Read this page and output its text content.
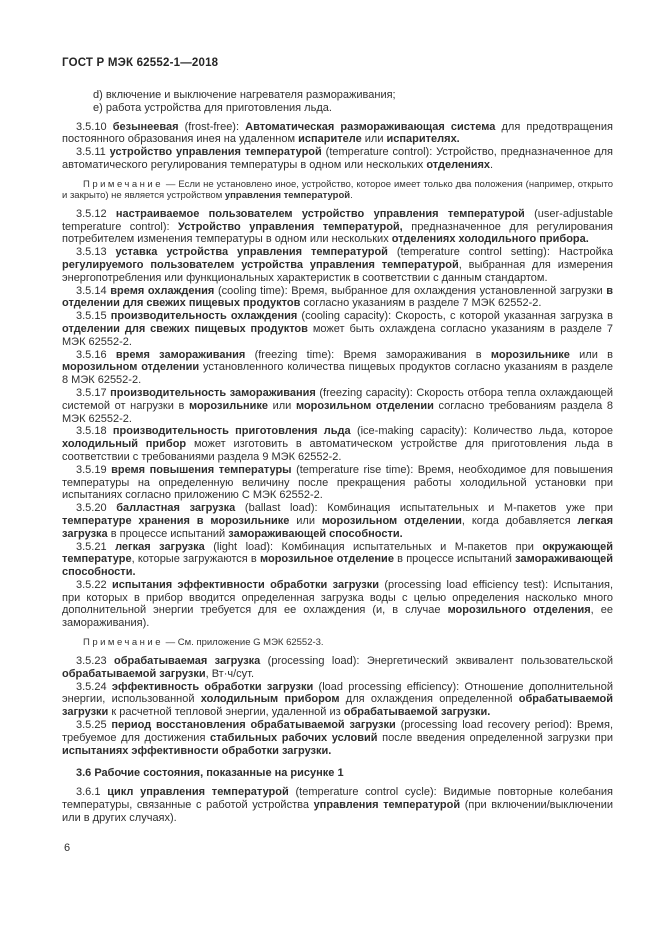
ГОСТ Р МЭК 62552-1—2018

d) включение и выключение нагревателя размораживания;

е) работа устройства для приготовления льда.

3.5.10 безынеевая (frost-free): Автоматическая размораживающая система для предотвращения постоянного образования инея на удаленном испарителе или испарителях.

3.5.11 устройство управления температурой (temperature control): Устройство, предназначенное для автоматического регулирования температуры в одном или нескольких отделениях.

Примечание — Если не установлено иное, устройство, которое имеет только два положения (например, открыто и закрыто) не является устройством управления температурой.

3.5.12 настраиваемое пользователем устройство управления температурой (user-adjustable temperature control): Устройство управления температурой, предназначенное для регулирования потребителем изменения температуры в одном или нескольких отделениях холодильного прибора.

3.5.13 уставка устройства управления температурой (temperature control setting): Настройка регулируемого пользователем устройства управления температурой, выбранная для измерения энергопотребления или функциональных характеристик в соответствии с данным стандартом.

3.5.14 время охлаждения (cooling time): Время, выбранное для охлаждения установленной загрузки в отделении для свежих пищевых продуктов согласно указаниям в разделе 7 МЭК 62552-2.

3.5.15 производительность охлаждения (cooling capacity): Скорость, с которой указанная загрузка в отделении для свежих пищевых продуктов может быть охлаждена согласно указаниям в разделе 7 МЭК 62552-2.

3.5.16 время замораживания (freezing time): Время замораживания в морозильнике или в морозильном отделении установленного количества пищевых продуктов согласно указаниям в разделе 8 МЭК 62552-2.

3.5.17 производительность замораживания (freezing capacity): Скорость отбора тепла охлаждающей системой от нагрузки в морозильнике или морозильном отделении согласно требованиям раздела 8 МЭК 62552-2.

3.5.18 производительность приготовления льда (ice-making capacity): Количество льда, которое холодильный прибор может изготовить в автоматическом устройстве для приготовления льда в соответствии с требованиями раздела 9 МЭК 62552-2.

3.5.19 время повышения температуры (temperature rise time): Время, необходимое для повышения температуры на определенную величину после прекращения работы холодильной установки при испытаниях согласно приложению С МЭК 62552-2.

3.5.20 балластная загрузка (ballast load): Комбинация испытательных и М-пакетов уже при температуре хранения в морозильнике или морозильном отделении, когда добавляется легкая загрузка в процессе испытаний замораживающей способности.

3.5.21 легкая загрузка (light load): Комбинация испытательных и М-пакетов при окружающей температуре, которые загружаются в морозильное отделение в процессе испытаний замораживающей способности.

3.5.22 испытания эффективности обработки загрузки (processing load efficiency test): Испытания, при которых в прибор вводится определенная загрузка воды с целью определения насколько много дополнительной энергии требуется для ее охлаждения (и, в случае морозильного отделения, ее замораживания).

Примечание — См. приложение G МЭК 62552-3.

3.5.23 обрабатываемая загрузка (processing load): Энергетический эквивалент пользовательской обрабатываемой загрузки, Вт·ч/сут.

3.5.24 эффективность обработки загрузки (load processing efficiency): Отношение дополнительной энергии, использованной холодильным прибором для охлаждения определенной обрабатываемой загрузки к расчетной тепловой энергии, удаленной из обрабатываемой загрузки.

3.5.25 период восстановления обрабатываемой загрузки (processing load recovery period): Время, требуемое для достижения стабильных рабочих условий после введения определенной загрузки при испытаниях эффективности обработки загрузки.

3.6 Рабочие состояния, показанные на рисунке 1

3.6.1 цикл управления температурой (temperature control cycle): Видимые повторные колебания температуры, связанные с работой устройства управления температурой (при включении/выключении или в других случаях).

6
